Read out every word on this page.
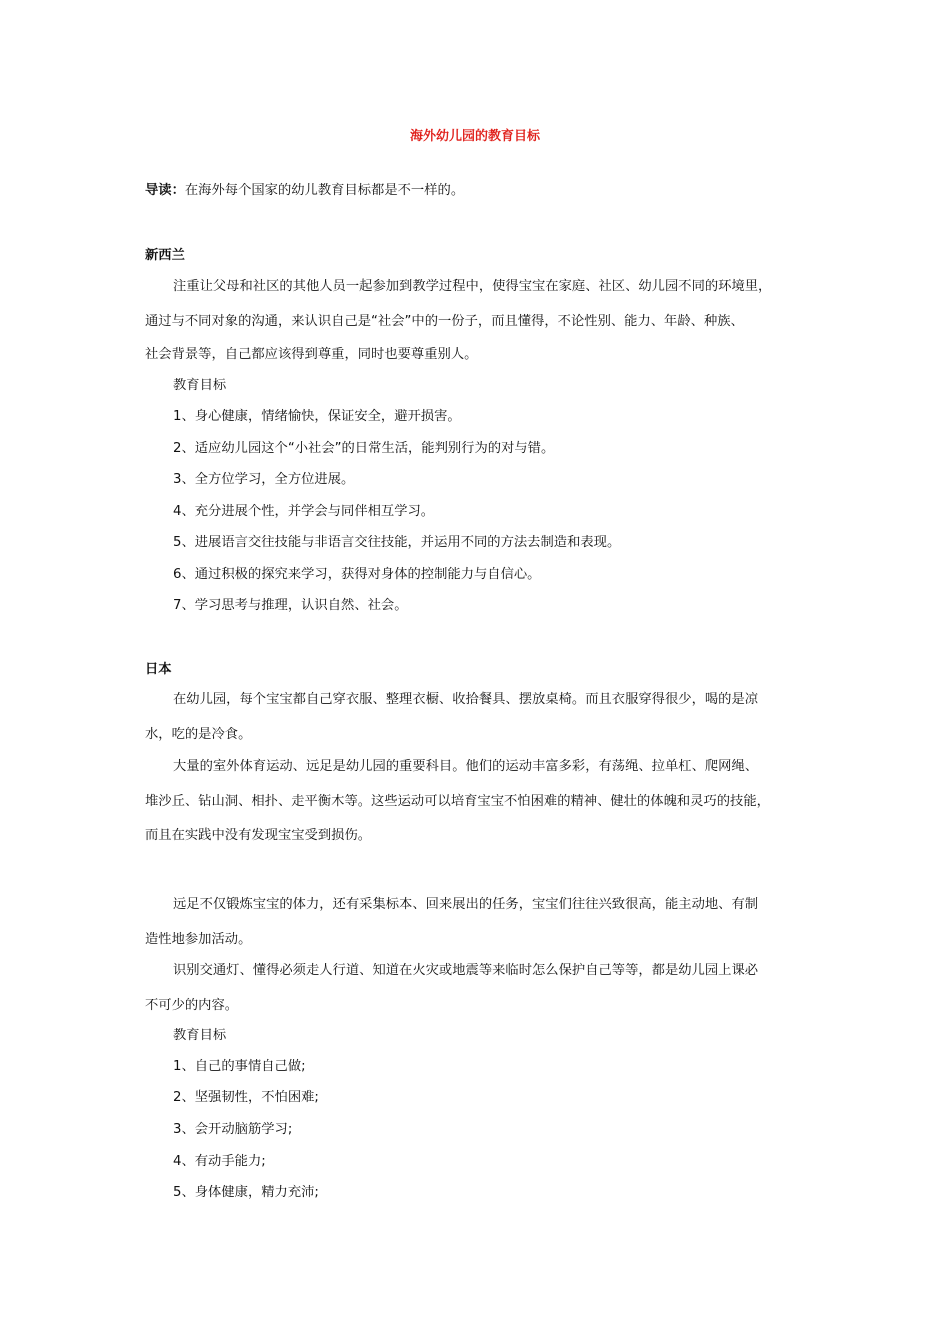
海外幼儿园的教育目标
导读：在海外每个国家的幼儿教育目标都是不一样的。
新西兰
注重让父母和社区的其他人员一起参加到教学过程中，使得宝宝在家庭、社区、幼儿园不同的环境里，
通过与不同对象的沟通，来认识自己是“社会”中的一份子，而且懂得，不论性别、能力、年龄、种族、
社会背景等，自己都应该得到尊重，同时也要尊重别人。
教育目标
1、身心健康，情绪愉快，保证安全，避开损害。
2、适应幼儿园这个“小社会”的日常生活，能判别行为的对与错。
3、全方位学习，全方位进展。
4、充分进展个性，并学会与同伴相互学习。
5、进展语言交往技能与非语言交往技能，并运用不同的方法去制造和表现。
6、通过积极的探究来学习，获得对身体的控制能力与自信心。
7、学习思考与推理，认识自然、社会。
日本
在幼儿园，每个宝宝都自己穿衣服、整理衣橱、收拾餐具、摆放桌椅。而且衣服穿得很少，喝的是凉
水，吃的是冷食。
大量的室外体育运动、远足是幼儿园的重要科目。他们的运动丰富多彩，有荡绳、拉单杠、爬网绳、
堆沙丘、钻山洞、相扑、走平衡木等。这些运动可以培育宝宝不怕困难的精神、健壮的体魄和灵巧的技能，
而且在实践中没有发现宝宝受到损伤。
远足不仅锻炼宝宝的体力，还有采集标本、回来展出的任务，宝宝们往往兴致很高，能主动地、有制
造性地参加活动。
识别交通灯、懂得必须走人行道、知道在火灾或地震等来临时怎么保护自己等等，都是幼儿园上课必
不可少的内容。
教育目标
1、自己的事情自己做;
2、坚强韧性，不怕困难;
3、会开动脑筋学习;
4、有动手能力;
5、身体健康，精力充沛;
